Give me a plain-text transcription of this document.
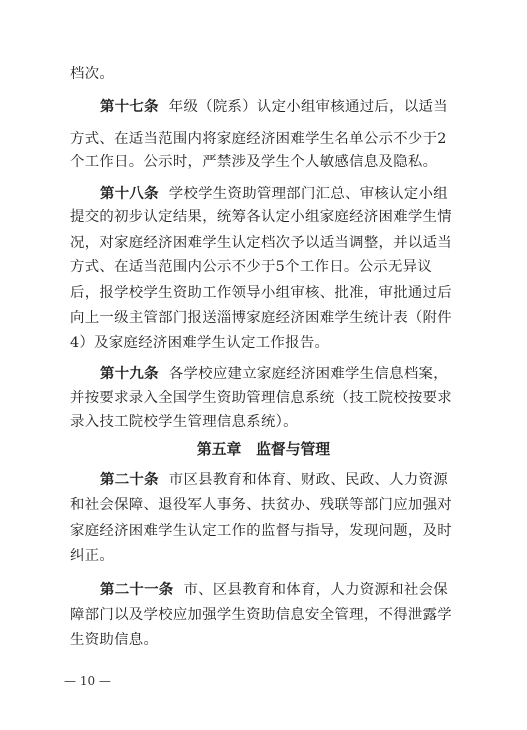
档次。
第十七条 年级（院系）认定小组审核通过后，以适当
方式、在适当范围内将家庭经济困难学生名单公示不少于2
个工作日。公示时，严禁涉及学生个人敏感信息及隐私。
第十八条 学校学生资助管理部门汇总、审核认定小组
提交的初步认定结果，统筹各认定小组家庭经济困难学生情
况，对家庭经济困难学生认定档次予以适当调整，并以适当
方式、在适当范围内公示不少于5个工作日。公示无异议
后，报学校学生资助工作领导小组审核、批准，审批通过后
向上一级主管部门报送淄博家庭经济困难学生统计表（附件
4）及家庭经济困难学生认定工作报告。
第十九条 各学校应建立家庭经济困难学生信息档案，
并按要求录入全国学生资助管理信息系统（技工院校按要求
录入技工院校学生管理信息系统）。
第五章　监督与管理
第二十条 市区县教育和体育、财政、民政、人力资源
和社会保障、退役军人事务、扶贫办、残联等部门应加强对
家庭经济困难学生认定工作的监督与指导，发现问题，及时
纠正。
第二十一条 市、区县教育和体育，人力资源和社会保
障部门以及学校应加强学生资助信息安全管理，不得泄露学
生资助信息。
— 10 —
